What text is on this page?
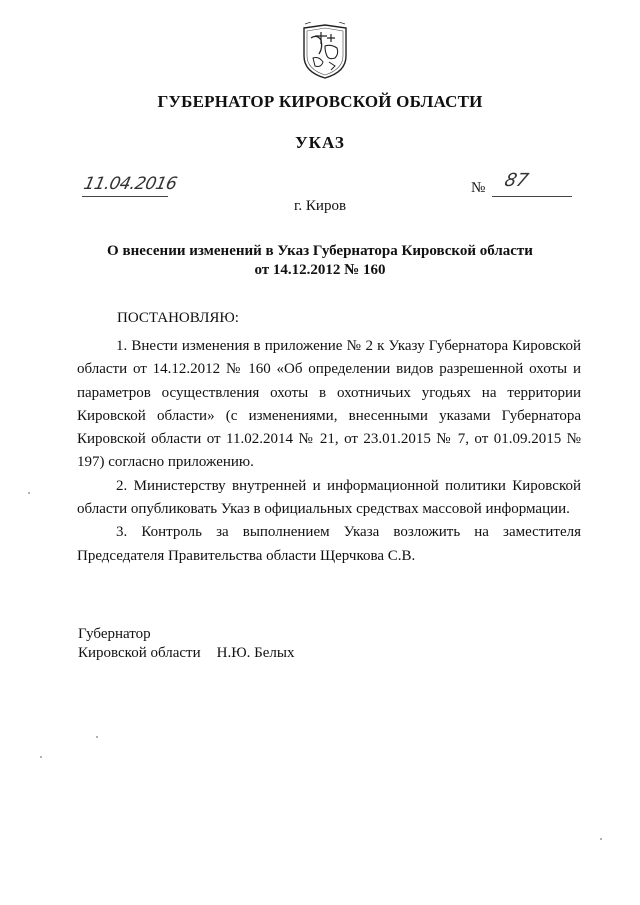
ГУБЕРНАТОР КИРОВСКОЙ ОБЛАСТИ
УКАЗ
11.04.2016	№ 87
г. Киров
О внесении изменений в Указ Губернатора Кировской области
от 14.12.2012 № 160
ПОСТАНОВЛЯЮ:

1. Внести изменения в приложение № 2 к Указу Губернатора Кировской области от 14.12.2012 № 160 «Об определении видов разрешенной охоты и параметров осуществления охоты в охотничьих угодьях на территории Кировской области» (с изменениями, внесенными указами Губернатора Кировской области от 11.02.2014 № 21, от 23.01.2015 № 7, от 01.09.2015 № 197) согласно приложению.

2. Министерству внутренней и информационной политики Кировской области опубликовать Указ в официальных средствах массовой информации.

3. Контроль за выполнением Указа возложить на заместителя Председателя Правительства области Щерчкова С.В.

Губернатор
Кировской области Н.Ю. Белых
